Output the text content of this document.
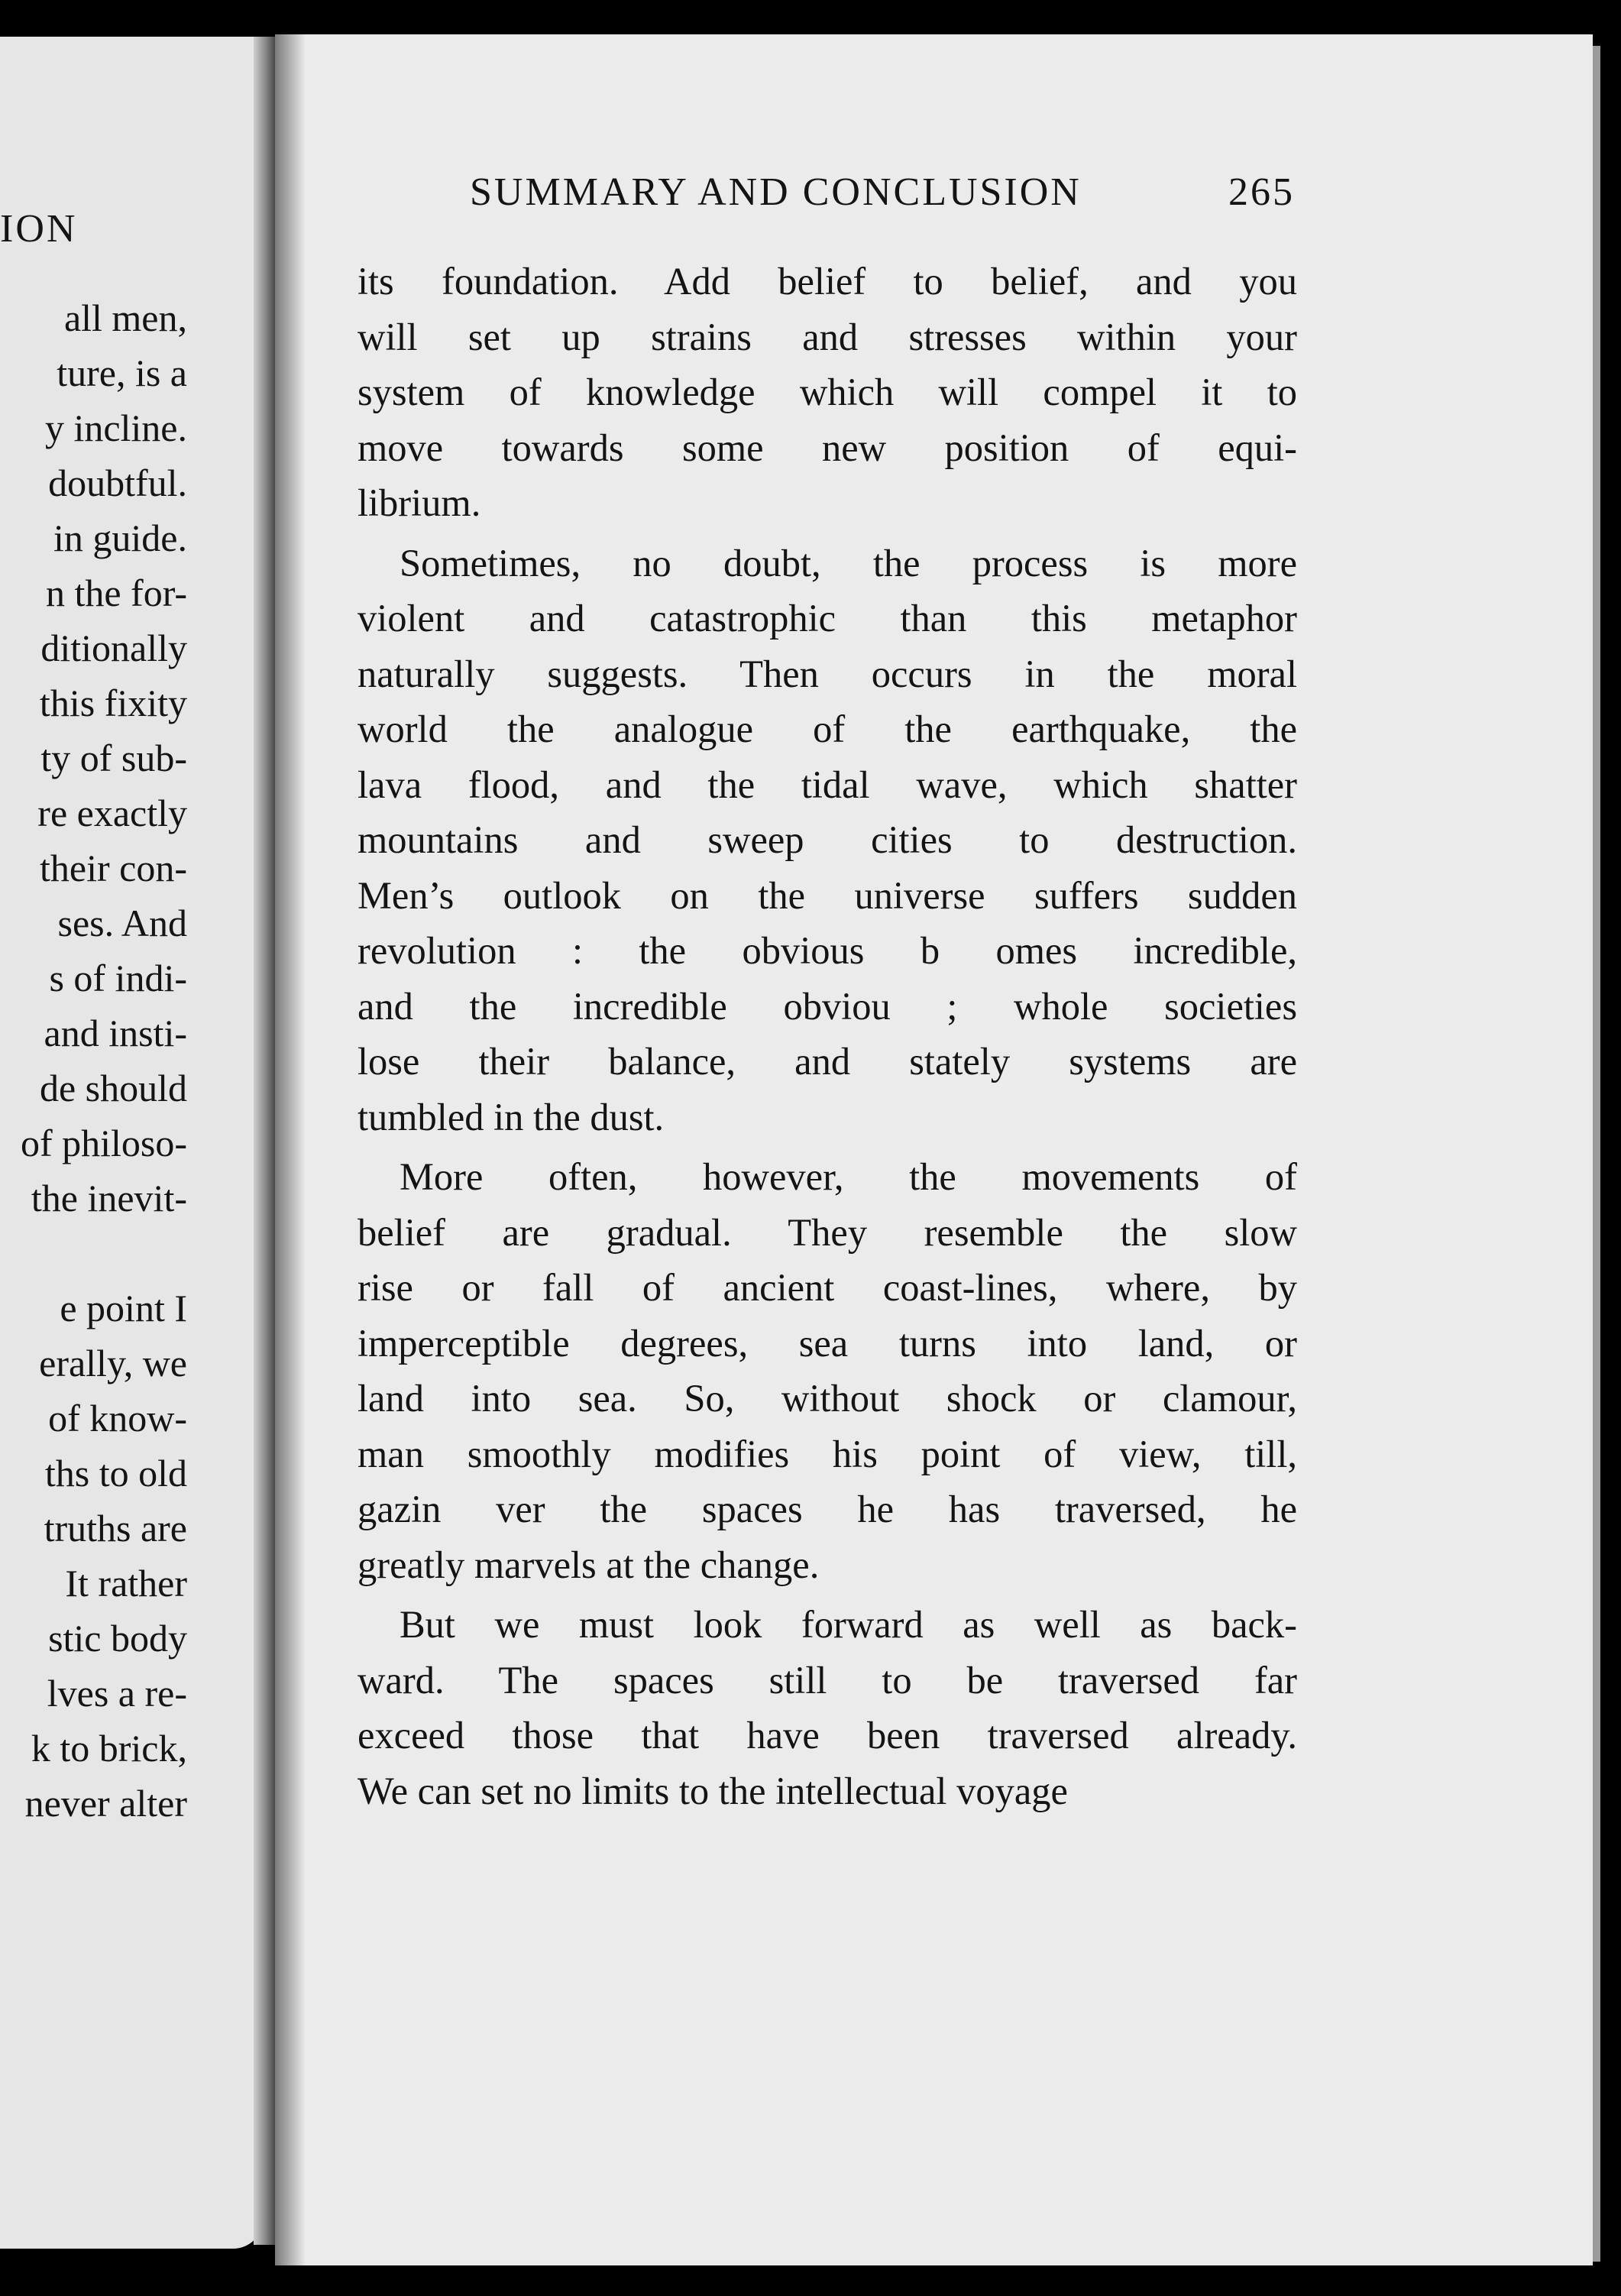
ION
all men,
ture, is a
y incline.
doubtful.
in guide.
n the for-
ditionally
this fixity
ty of sub-
re exactly
their con-
ses. And
s of indi-
and insti-
de should
of philoso-
the inevit-
e point I
erally, we
of know-
ths to old
truths are
It rather
stic body
lves a re-
k to brick,
never alter
SUMMARY AND CONCLUSION	265
its foundation. Add belief to belief, and you
will set up strains and stresses within your
system of knowledge which will compel it to
move towards some new position of equi-
librium.
Sometimes, no doubt, the process is more
violent and catastrophic than this metaphor
naturally suggests. Then occurs in the moral
world the analogue of the earthquake, the
lava flood, and the tidal wave, which shatter
mountains and sweep cities to destruction.
Men’s outlook on the universe suffers sudden
revolution : the obvious b omes incredible,
and the incredible obviou ; whole societies
lose their balance, and stately systems are
tumbled in the dust.
More often, however, the movements of
belief are gradual. They resemble the slow
rise or fall of ancient coast-lines, where, by
imperceptible degrees, sea turns into land, or
land into sea. So, without shock or clamour,
man smoothly modifies his point of view, till,
gazin ver the spaces he has traversed, he
greatly marvels at the change.
But we must look forward as well as back-
ward. The spaces still to be traversed far
exceed those that have been traversed already.
We can set no limits to the intellectual voyage
